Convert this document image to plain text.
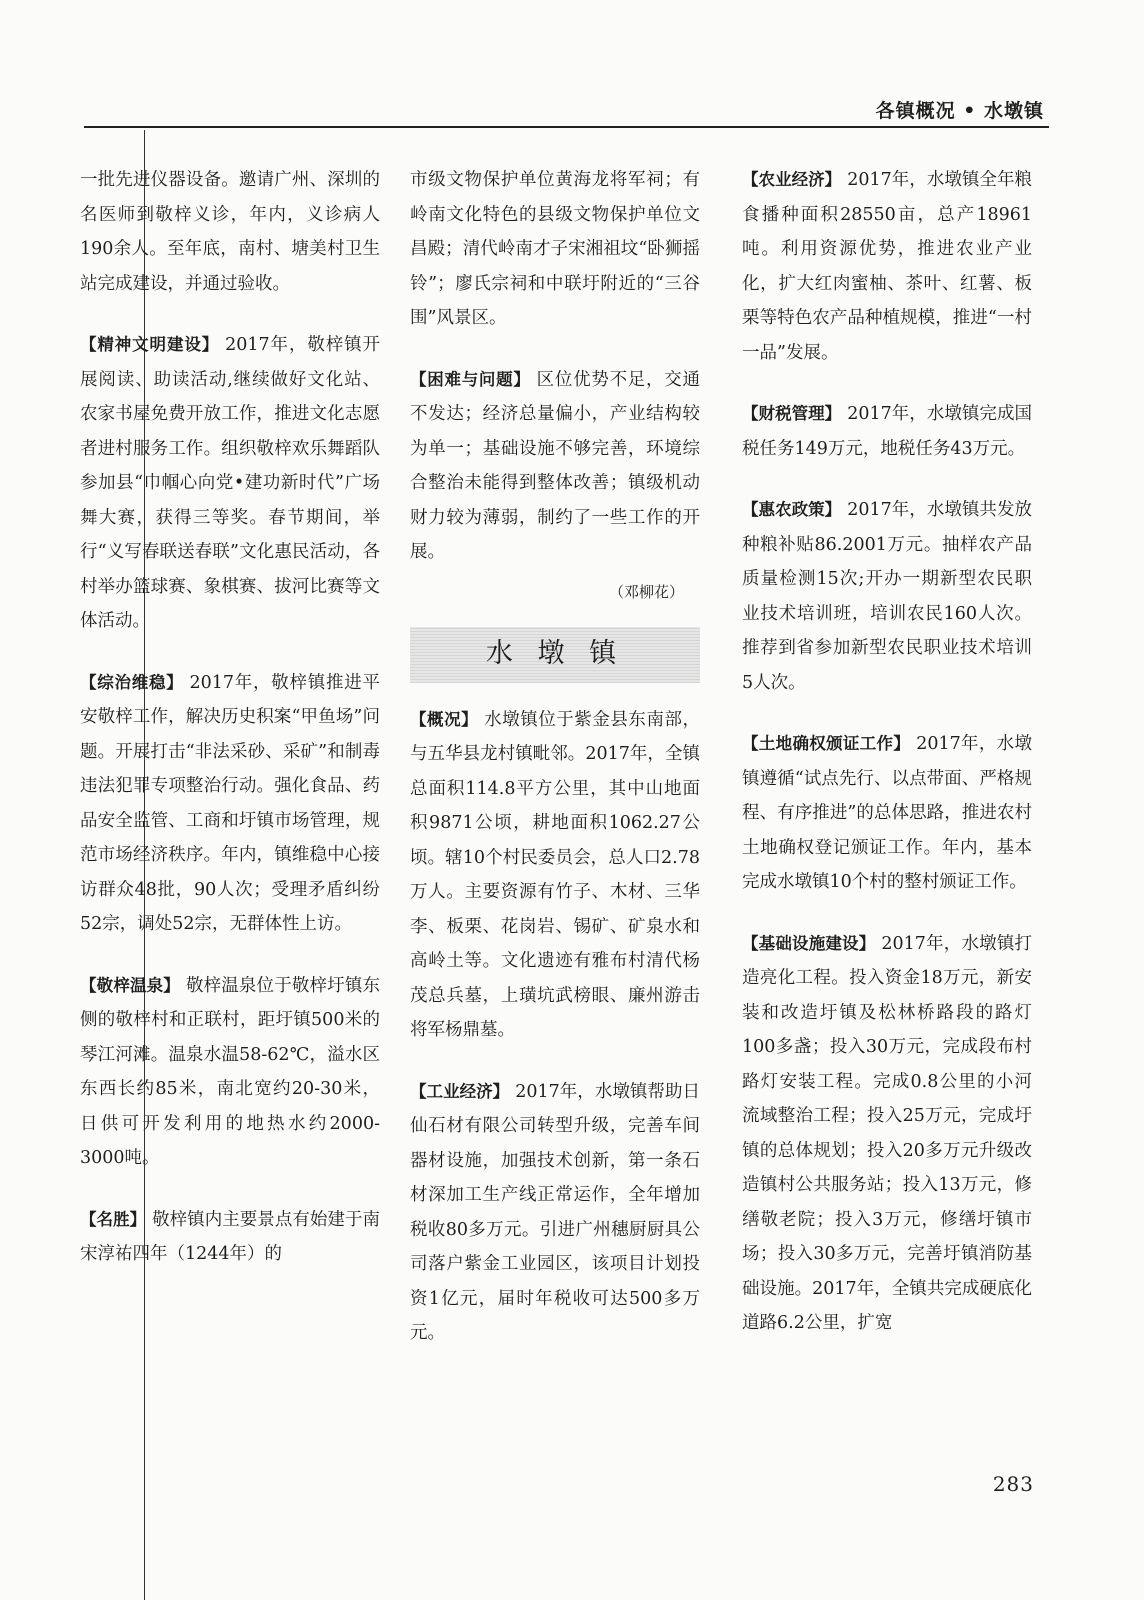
各镇概况 • 水墩镇

一批先进仪器设备。邀请广州、深圳的名医师到敬梓义诊，年内，义诊病人190余人。至年底，南村、塘美村卫生站完成建设，并通过验收。

【精神文明建设】 2017年，敬梓镇开展阅读、助读活动,继续做好文化站、农家书屋免费开放工作，推进文化志愿者进村服务工作。组织敬梓欢乐舞蹈队参加县“巾帼心向党•建功新时代”广场舞大赛，获得三等奖。春节期间，举行“义写春联送春联”文化惠民活动，各村举办篮球赛、象棋赛、拔河比赛等文体活动。

【综治维稳】 2017年，敬梓镇推进平安敬梓工作，解决历史积案“甲鱼场”问题。开展打击“非法采砂、采矿”和制毒违法犯罪专项整治行动。强化食品、药品安全监管、工商和圩镇市场管理，规范市场经济秩序。年内，镇维稳中心接访群众48批，90人次；受理矛盾纠纷52宗，调处52宗，无群体性上访。

【敬梓温泉】 敬梓温泉位于敬梓圩镇东侧的敬梓村和正联村，距圩镇500米的琴江河滩。温泉水温58-62℃，溢水区东西长约85米，南北宽约20-30米，日供可开发利用的地热水约2000-3000吨。

【名胜】 敬梓镇内主要景点有始建于南宋淳祐四年（1244年）的

市级文物保护单位黄海龙将军祠；有岭南文化特色的县级文物保护单位文昌殿；清代岭南才子宋湘祖坟“卧狮摇铃”；廖氏宗祠和中联圩附近的“三谷围”风景区。

【困难与问题】 区位优势不足，交通不发达；经济总量偏小，产业结构较为单一；基础设施不够完善，环境综合整治未能得到整体改善；镇级机动财力较为薄弱，制约了一些工作的开展。

（邓柳花）
水 墩 镇

【概况】 水墩镇位于紫金县东南部，与五华县龙村镇毗邻。2017年，全镇总面积114.8平方公里，其中山地面积9871公顷，耕地面积1062.27公顷。辖10个村民委员会，总人口2.78万人。主要资源有竹子、木材、三华李、板栗、花岗岩、锡矿、矿泉水和高岭土等。文化遗迹有雅布村清代杨茂总兵墓，上璜坑武榜眼、廉州游击将军杨鼎墓。

【工业经济】 2017年，水墩镇帮助日仙石材有限公司转型升级，完善车间器材设施，加强技术创新，第一条石材深加工生产线正常运作，全年增加税收80多万元。引进广州穗厨厨具公司落户紫金工业园区，该项目计划投资1亿元，届时年税收可达500多万元。

【农业经济】 2017年，水墩镇全年粮食播种面积28550亩，总产18961吨。利用资源优势，推进农业产业化，扩大红肉蜜柚、茶叶、红薯、板栗等特色农产品种植规模，推进“一村一品”发展。

【财税管理】 2017年，水墩镇完成国税任务149万元，地税任务43万元。

【惠农政策】 2017年，水墩镇共发放种粮补贴86.2001万元。抽样农产品质量检测15次;开办一期新型农民职业技术培训班，培训农民160人次。推荐到省参加新型农民职业技术培训5人次。

【土地确权颁证工作】 2017年，水墩镇遵循“试点先行、以点带面、严格规程、有序推进”的总体思路，推进农村土地确权登记颁证工作。年内，基本完成水墩镇10个村的整村颁证工作。

【基础设施建设】 2017年，水墩镇打造亮化工程。投入资金18万元，新安装和改造圩镇及松林桥路段的路灯100多盏；投入30万元，完成段布村路灯安装工程。完成0.8公里的小河流域整治工程；投入25万元，完成圩镇的总体规划；投入20多万元升级改造镇村公共服务站；投入13万元，修缮敬老院；投入3万元，修缮圩镇市场；投入30多万元，完善圩镇消防基础设施。2017年，全镇共完成硬底化道路6.2公里，扩宽

283
